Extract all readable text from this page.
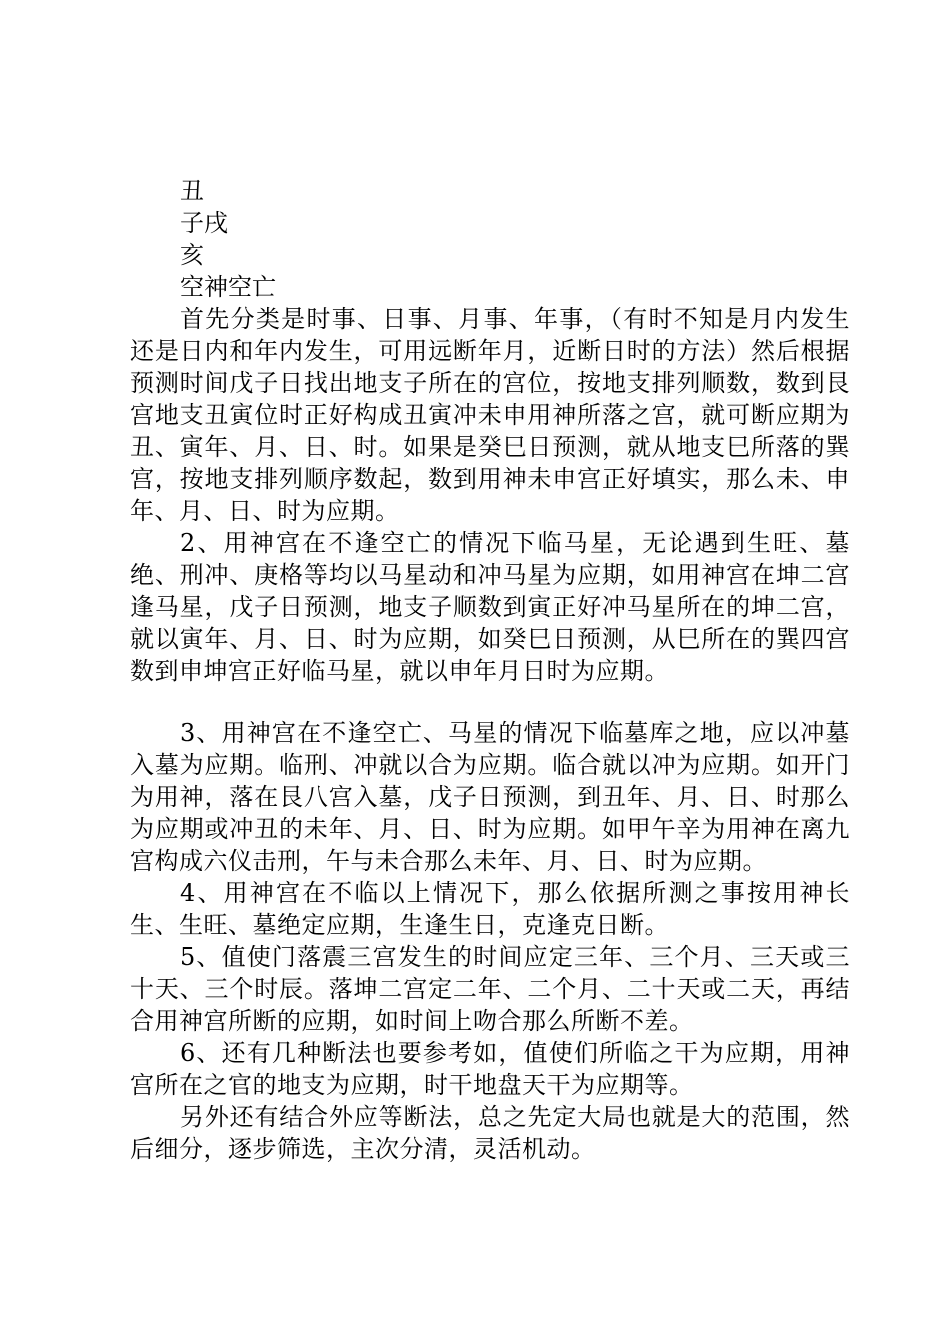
丑

子戌

亥

空神空亡

首先分类是时事、日事、月事、年事，（有时不知是月内发生还是日内和年内发生，可用远断年月，近断日时的方法）然后根据预测时间戊子日找出地支子所在的宫位，按地支排列顺数，数到艮宫地支丑寅位时正好构成丑寅冲未申用神所落之宫，就可断应期为丑、寅年、月、日、时。如果是癸巳日预测，就从地支巳所落的巽宫，按地支排列顺序数起，数到用神未申宫正好填实，那么未、申年、月、日、时为应期。

2、用神宫在不逢空亡的情况下临马星，无论遇到生旺、墓绝、刑冲、庚格等均以马星动和冲马星为应期，如用神宫在坤二宫逢马星，戊子日预测，地支子顺数到寅正好冲马星所在的坤二宫，就以寅年、月、日、时为应期，如癸巳日预测，从巳所在的巽四宫数到申坤宫正好临马星，就以申年月日时为应期。

3、用神宫在不逢空亡、马星的情况下临墓库之地，应以冲墓入墓为应期。临刑、冲就以合为应期。临合就以冲为应期。如开门为用神，落在艮八宫入墓，戊子日预测，到丑年、月、日、时那么为应期或冲丑的未年、月、日、时为应期。如甲午辛为用神在离九宫构成六仪击刑，午与未合那么未年、月、日、时为应期。

4、用神宫在不临以上情况下，那么依据所测之事按用神长生、生旺、墓绝定应期，生逢生日，克逢克日断。

5、值使门落震三宫发生的时间应定三年、三个月、三天或三十天、三个时辰。落坤二宫定二年、二个月、二十天或二天，再结合用神宫所断的应期，如时间上吻合那么所断不差。

6、还有几种断法也要参考如，值使们所临之干为应期，用神宫所在之官的地支为应期，时干地盘天干为应期等。

另外还有结合外应等断法，总之先定大局也就是大的范围，然后细分，逐步筛选，主次分清，灵活机动。
